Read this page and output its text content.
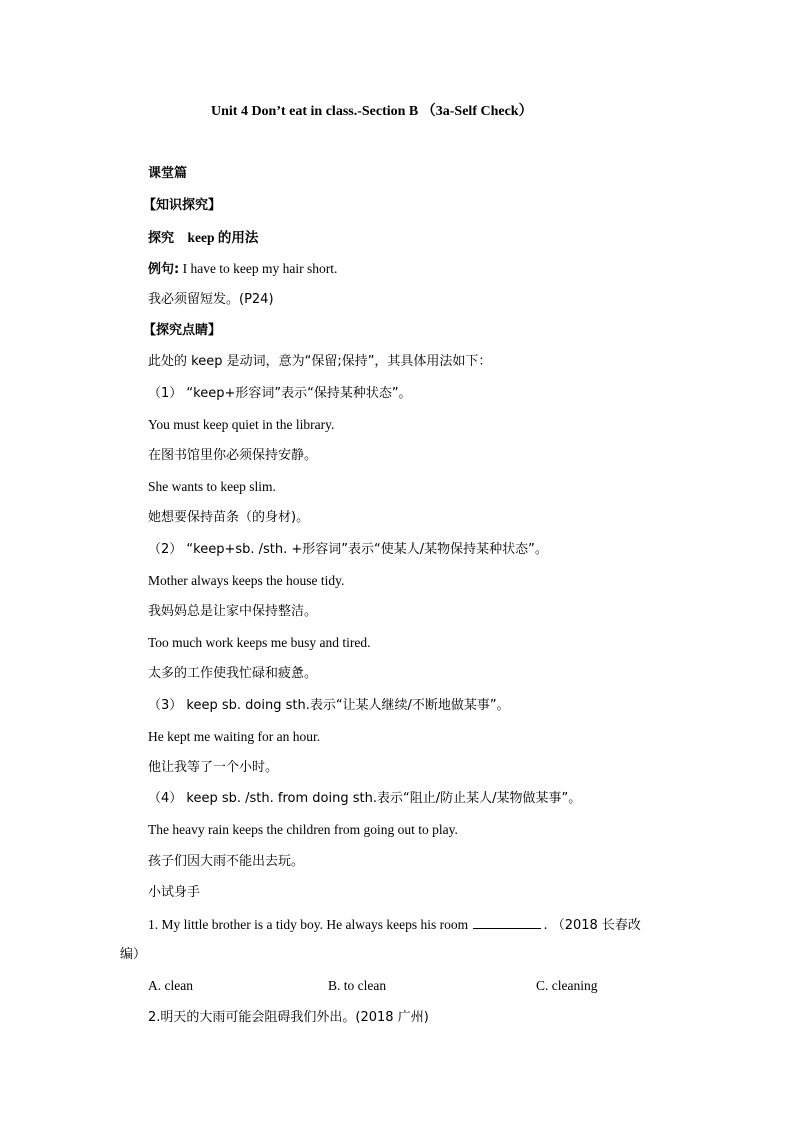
Unit 4 Don’t eat in class.-Section B （3a-Self Check）
课堂篇
【知识探究】
探究 keep 的用法
例句: I have to keep my hair short.
我必须留短发。(P24)
【探究点睛】
此处的 keep 是动词，意为“保留;保持”，其具体用法如下：
（1） “keep+形容词”表示“保持某种状态”。
You must keep quiet in the library.
在图书馆里你必须保持安静。
She wants to keep slim.
她想要保持苗条（的身材)。
（2） “keep+sb. /sth. +形容词”表示“使某人/某物保持某种状态”。
Mother always keeps the house tidy.
我妈妈总是让家中保持整洁。
Too much work keeps me busy and tired.
太多的工作使我忙碌和疲惫。
（3） keep sb. doing sth.表示“让某人继续/不断地做某事”。
He kept me waiting for an hour.
他让我等了一个小时。
（4） keep sb. /sth. from doing sth.表示“阻止/防止某人/某物做某事”。
The heavy rain keeps the children from going out to play.
孩子们因大雨不能出去玩。
小试身手
1. My little brother is a tidy boy. He always keeps his room	. （2018 长春改
编）
A. clean	B. to clean	C. cleaning
2.明天的大雨可能会阻碍我们外出。(2018 广州)
